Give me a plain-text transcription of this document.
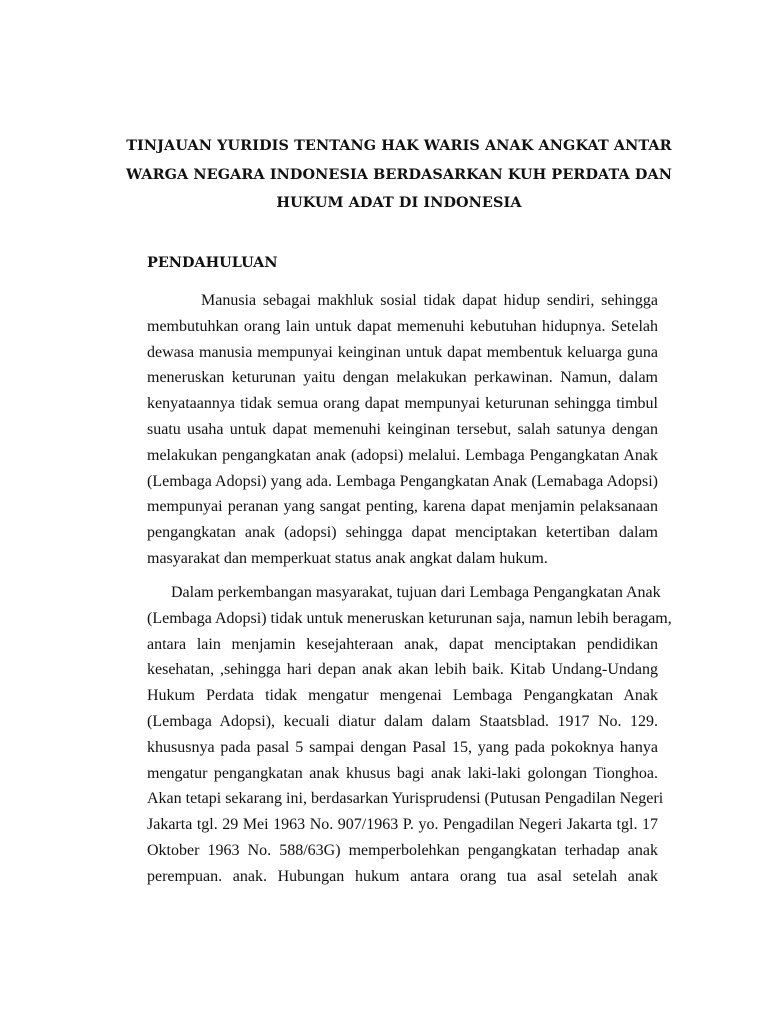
TINJAUAN YURIDIS TENTANG HAK WARIS ANAK ANGKAT ANTAR
WARGA NEGARA INDONESIA BERDASARKAN KUH PERDATA DAN
HUKUM ADAT DI INDONESIA
PENDAHULUAN
Manusia sebagai makhluk sosial tidak dapat hidup sendiri, sehingga
membutuhkan orang lain untuk dapat memenuhi kebutuhan hidupnya. Setelah
dewasa manusia mempunyai keinginan untuk dapat membentuk keluarga guna
meneruskan keturunan yaitu dengan melakukan perkawinan. Namun, dalam
kenyataannya tidak semua orang dapat mempunyai keturunan sehingga timbul
suatu usaha untuk dapat memenuhi keinginan tersebut, salah satunya dengan
melakukan pengangkatan anak (adopsi) melalui. Lembaga Pengangkatan Anak
(Lembaga Adopsi) yang ada. Lembaga Pengangkatan Anak (Lemabaga Adopsi)
mempunyai peranan yang sangat penting, karena dapat menjamin pelaksanaan
pengangkatan anak (adopsi) sehingga dapat menciptakan ketertiban dalam
masyarakat dan memperkuat status anak angkat dalam hukum.
Dalam perkembangan masyarakat, tujuan dari Lembaga Pengangkatan Anak
(Lembaga Adopsi) tidak untuk meneruskan keturunan saja, namun lebih beragam,
antara lain menjamin kesejahteraan anak, dapat menciptakan pendidikan
kesehatan, ,sehingga hari depan anak akan lebih baik. Kitab Undang-Undang
Hukum Perdata tidak mengatur mengenai Lembaga Pengangkatan Anak
(Lembaga Adopsi), kecuali diatur dalam dalam Staatsblad. 1917 No. 129.
khususnya pada pasal 5 sampai dengan Pasal 15, yang pada pokoknya hanya
mengatur pengangkatan anak khusus bagi anak laki-laki golongan Tionghoa.
Akan tetapi sekarang ini, berdasarkan Yurisprudensi (Putusan Pengadilan Negeri
Jakarta tgl. 29 Mei 1963 No. 907/1963 P. yo. Pengadilan Negeri Jakarta tgl. 17
Oktober 1963 No. 588/63G) memperbolehkan pengangkatan terhadap anak
perempuan. anak. Hubungan hukum antara orang tua asal setelah anak
